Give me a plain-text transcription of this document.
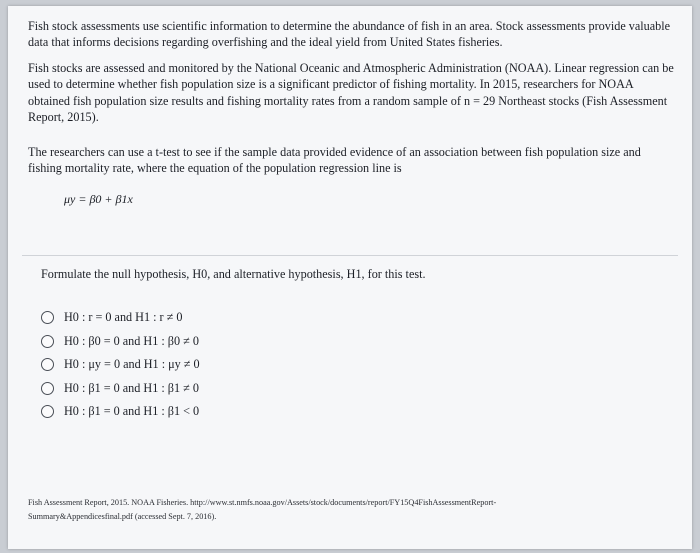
Fish stock assessments use scientific information to determine the abundance of fish in an area. Stock assessments provide valuable data that informs decisions regarding overfishing and the ideal yield from United States fisheries.

Fish stocks are assessed and monitored by the National Oceanic and Atmospheric Administration (NOAA). Linear regression can be used to determine whether fish population size is a significant predictor of fishing mortality. In 2015, researchers for NOAA obtained fish population size results and fishing mortality rates from a random sample of n = 29 Northeast stocks (Fish Assessment Report, 2015).

The researchers can use a t-test to see if the sample data provided evidence of an association between fish population size and fishing mortality rate, where the equation of the population regression line is

μy = β0 + β1x
Formulate the null hypothesis, H0, and alternative hypothesis, H1, for this test.
H0 : r = 0 and H1 : r ≠ 0
H0 : β0 = 0 and H1 : β0 ≠ 0
H0 : μy = 0 and H1 : μy ≠ 0
H0 : β1 = 0 and H1 : β1 ≠ 0
H0 : β1 = 0 and H1 : β1 < 0
Fish Assessment Report, 2015. NOAA Fisheries. http://www.st.nmfs.noaa.gov/Assets/stock/documents/report/FY15Q4FishAssessmentReport-
Summary&Appendicesfinal.pdf (accessed Sept. 7, 2016).
